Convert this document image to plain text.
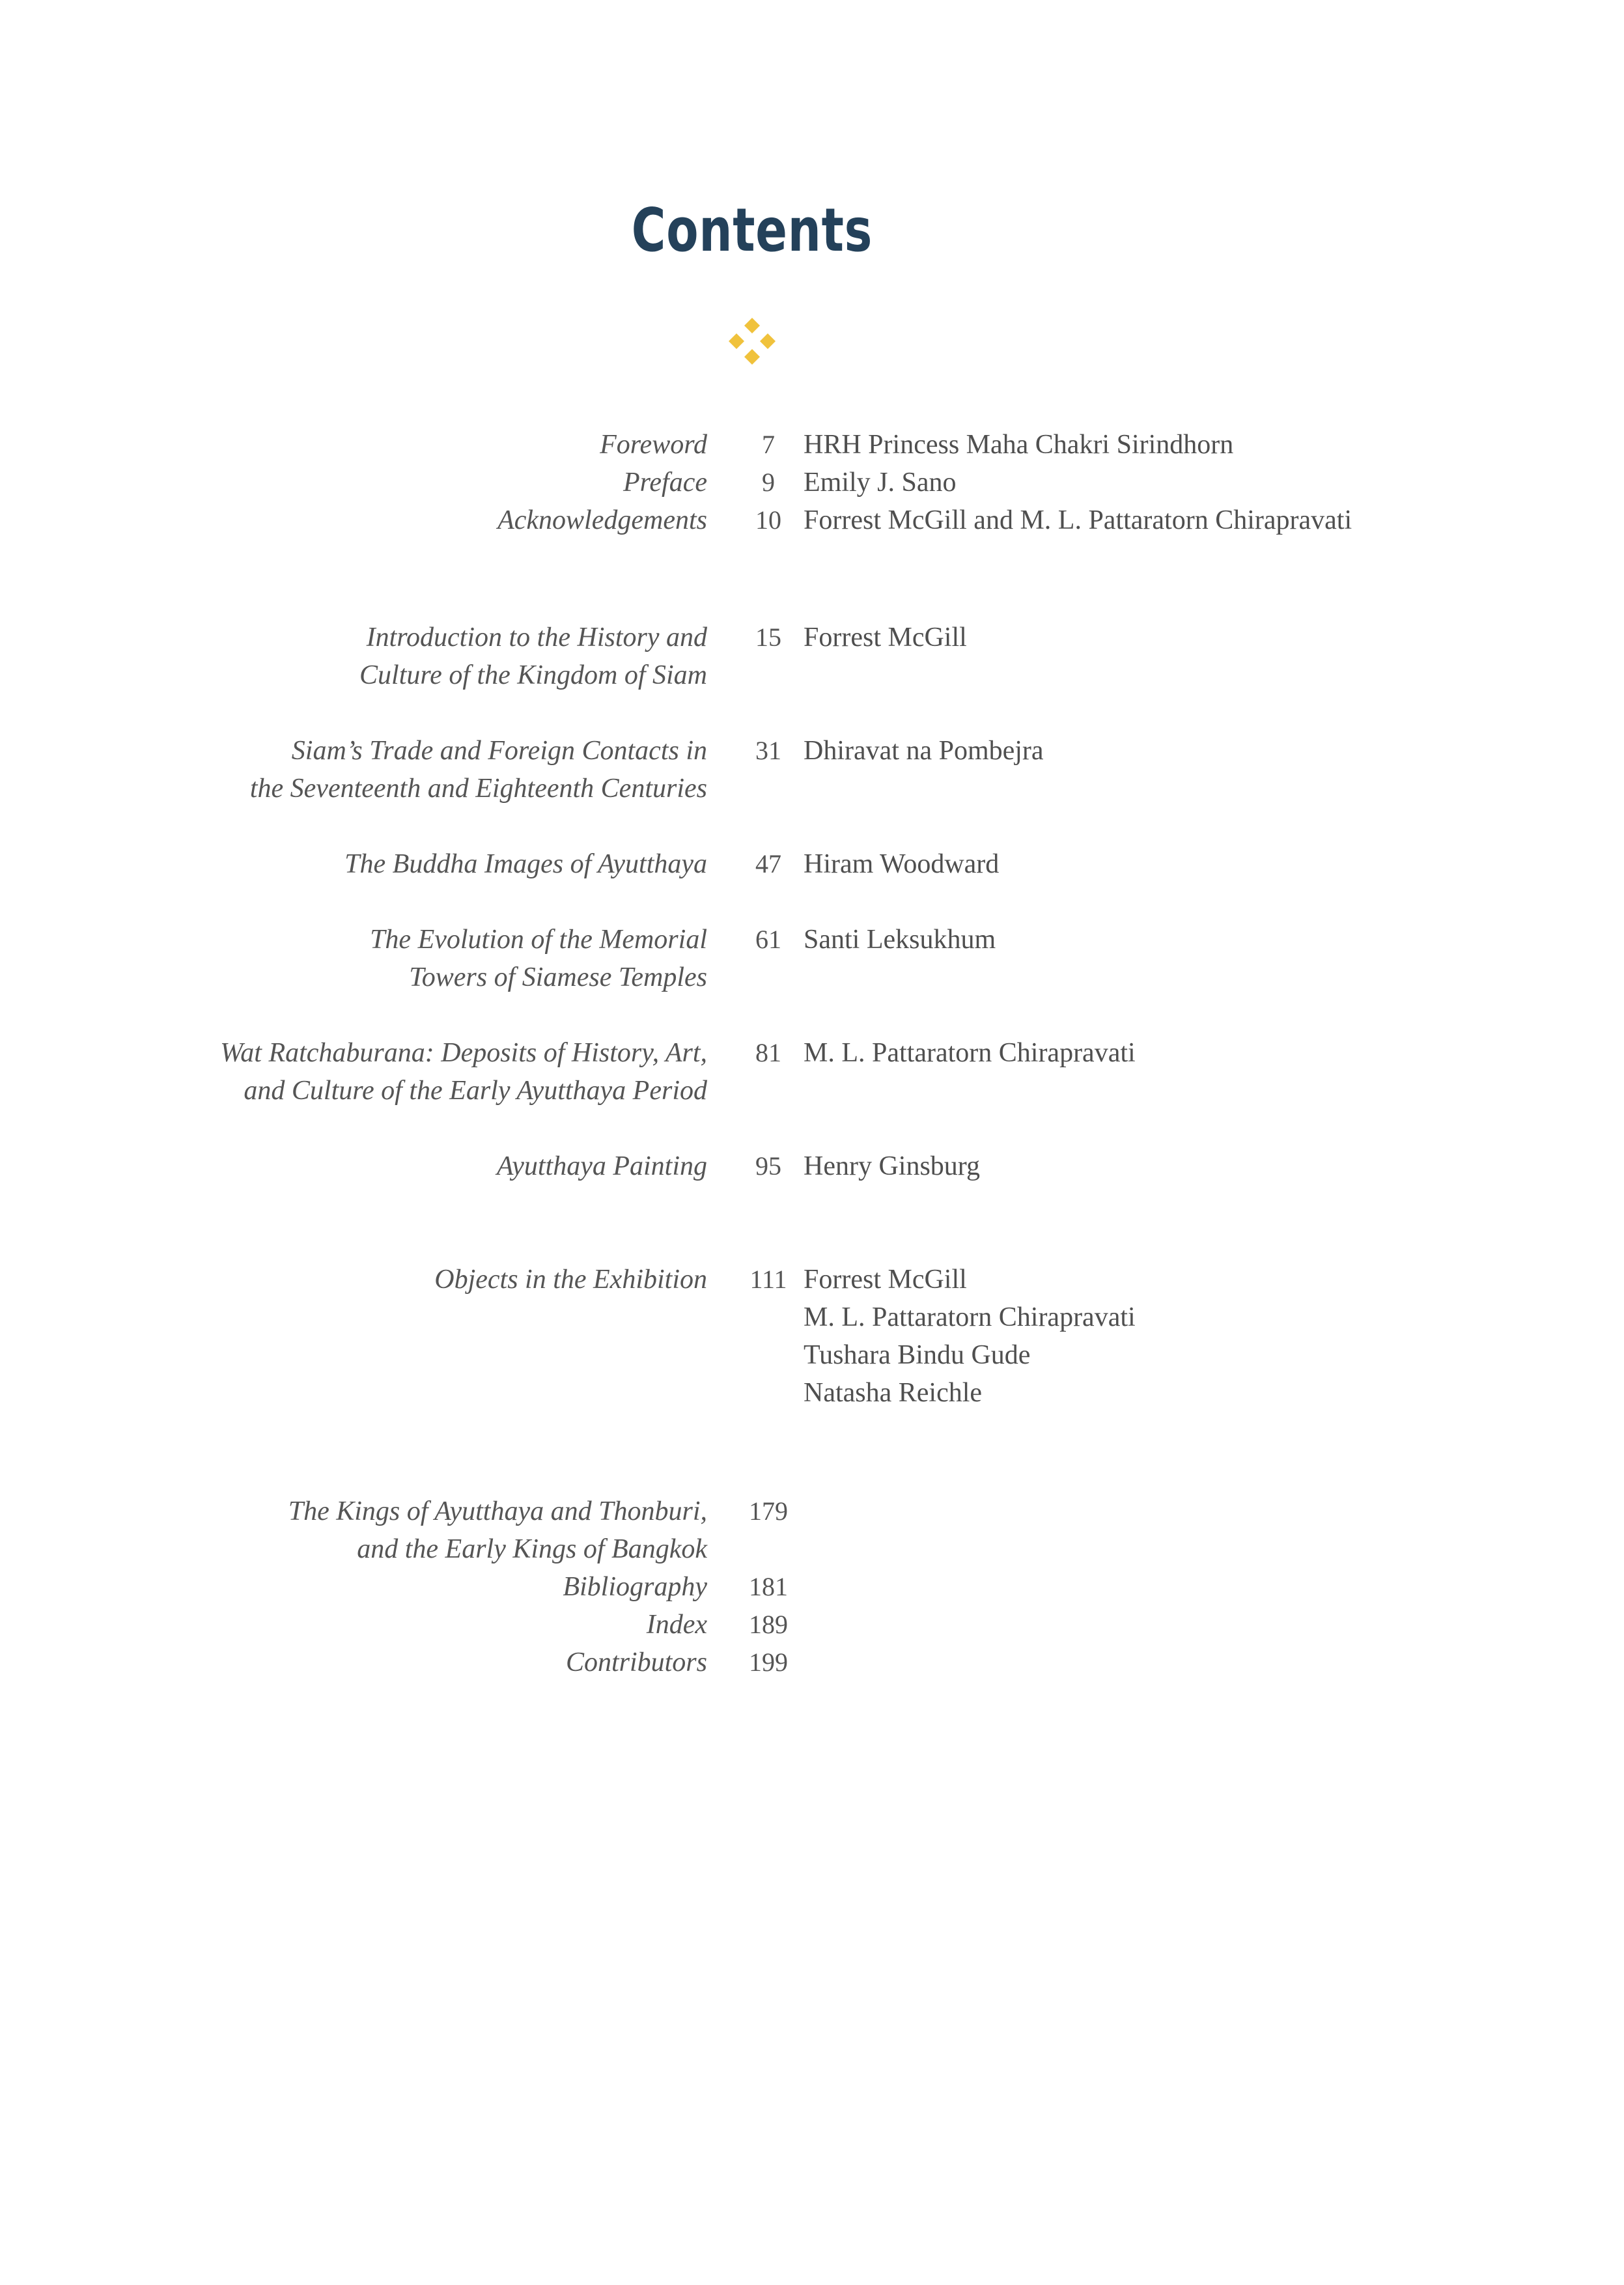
Contents
Foreword	7	HRH Princess Maha Chakri Sirindhorn
Preface	9	Emily J. Sano
Acknowledgements	10 Forrest McGill and M. L. Pattaratorn Chirapravati
Introduction to the History and
Culture of the Kingdom of Siam
15 Forrest McGill
Siam’s Trade and Foreign Contacts in
the Seventeenth and Eighteenth Centuries
31 Dhiravat na Pombejra
The Buddha Images of Ayutthaya	47 Hiram Woodward
The Evolution of the Memorial
Towers of Siamese Temples
61 Santi Leksukhum
Wat Ratchaburana: Deposits of History, Art,
and Culture of the Early Ayutthaya Period
81 M. L. Pattaratorn Chirapravati
Ayutthaya Painting	95 Henry Ginsburg
Objects in the Exhibition	111 Forrest McGill
M. L. Pattaratorn Chirapravati
Tushara Bindu Gude
Natasha Reichle
The Kings of Ayutthaya and Thonburi,
and the Early Kings of Bangkok
179
Bibliography	181
Index	189
Contributors	199
